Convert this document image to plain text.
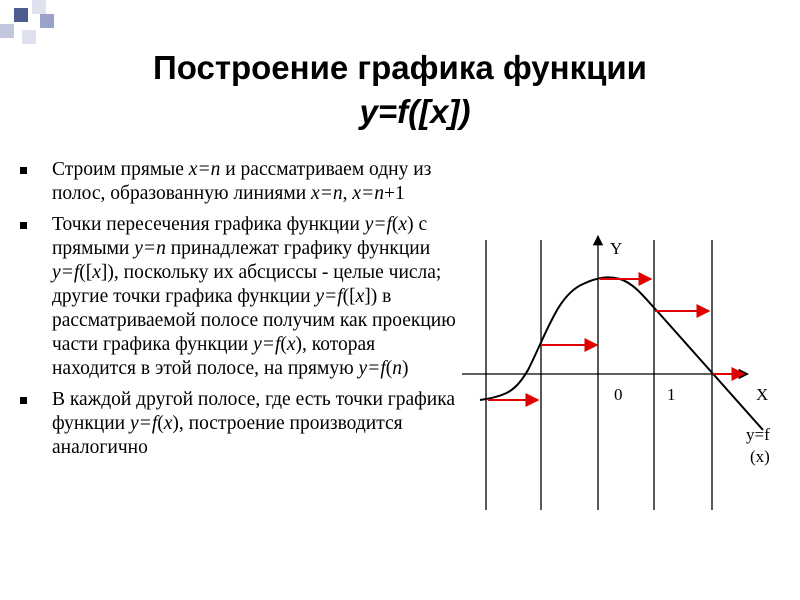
Построение графика функции
y=f([x])
Строим прямые x=n и рассматриваем одну из полос, образованную линиями x=n, x=n+1
Точки пересечения графика функции y=f(x) с прямыми y=n принадлежат графику функции y=f([x]), поскольку их абсциссы - целые числа; другие точки графика функции y=f([x]) в рассматриваемой полосе получим как проекцию части графика функции y=f(x), которая находится в этой полосе, на прямую y=f(n)
В каждой другой полосе, где есть точки графика функции y=f(x), построение производится аналогично
Y
X
0	1
y=f
(x)
